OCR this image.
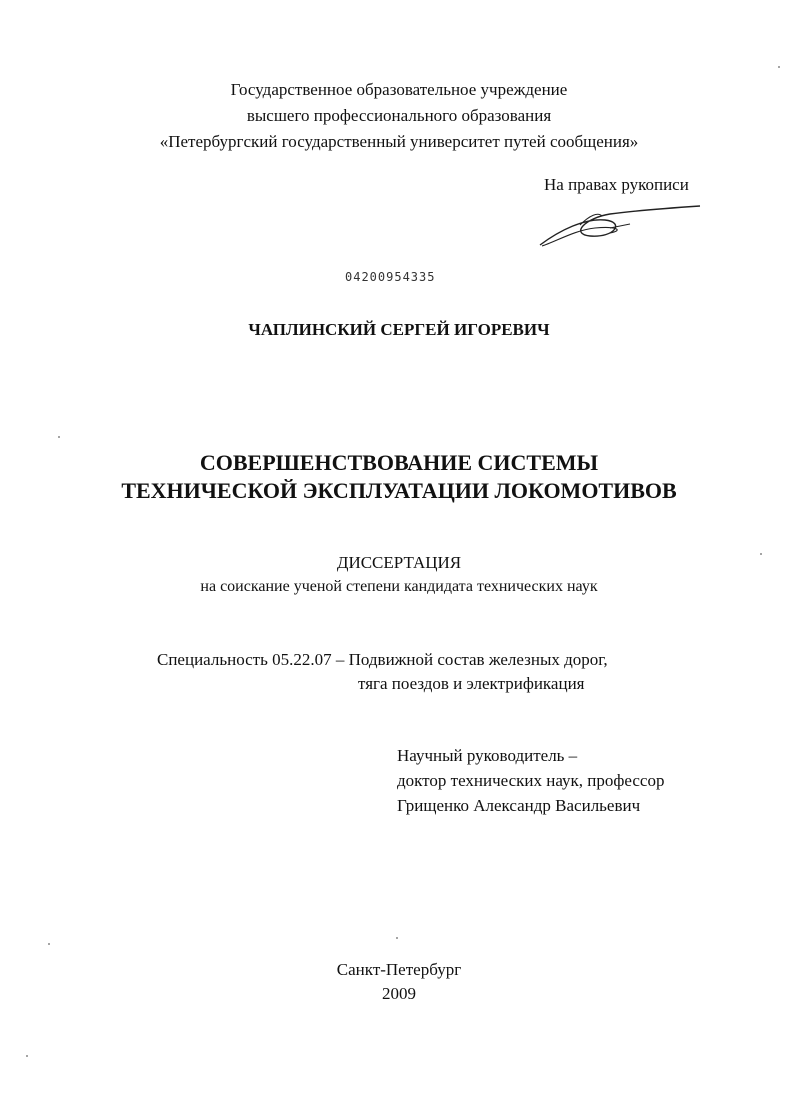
Государственное образовательное учреждение
высшего профессионального образования
«Петербургский государственный университет путей сообщения»
На правах рукописи
04200954335
ЧАПЛИНСКИЙ СЕРГЕЙ ИГОРЕВИЧ
СОВЕРШЕНСТВОВАНИЕ СИСТЕМЫ
ТЕХНИЧЕСКОЙ ЭКСПЛУАТАЦИИ ЛОКОМОТИВОВ
ДИССЕРТАЦИЯ
на соискание ученой степени кандидата технических наук
Специальность 05.22.07 – Подвижной состав железных дорог,
тяга поездов и электрификация
Научный руководитель –
доктор технических наук, профессор
Грищенко Александр Васильевич
Санкт-Петербург
2009
